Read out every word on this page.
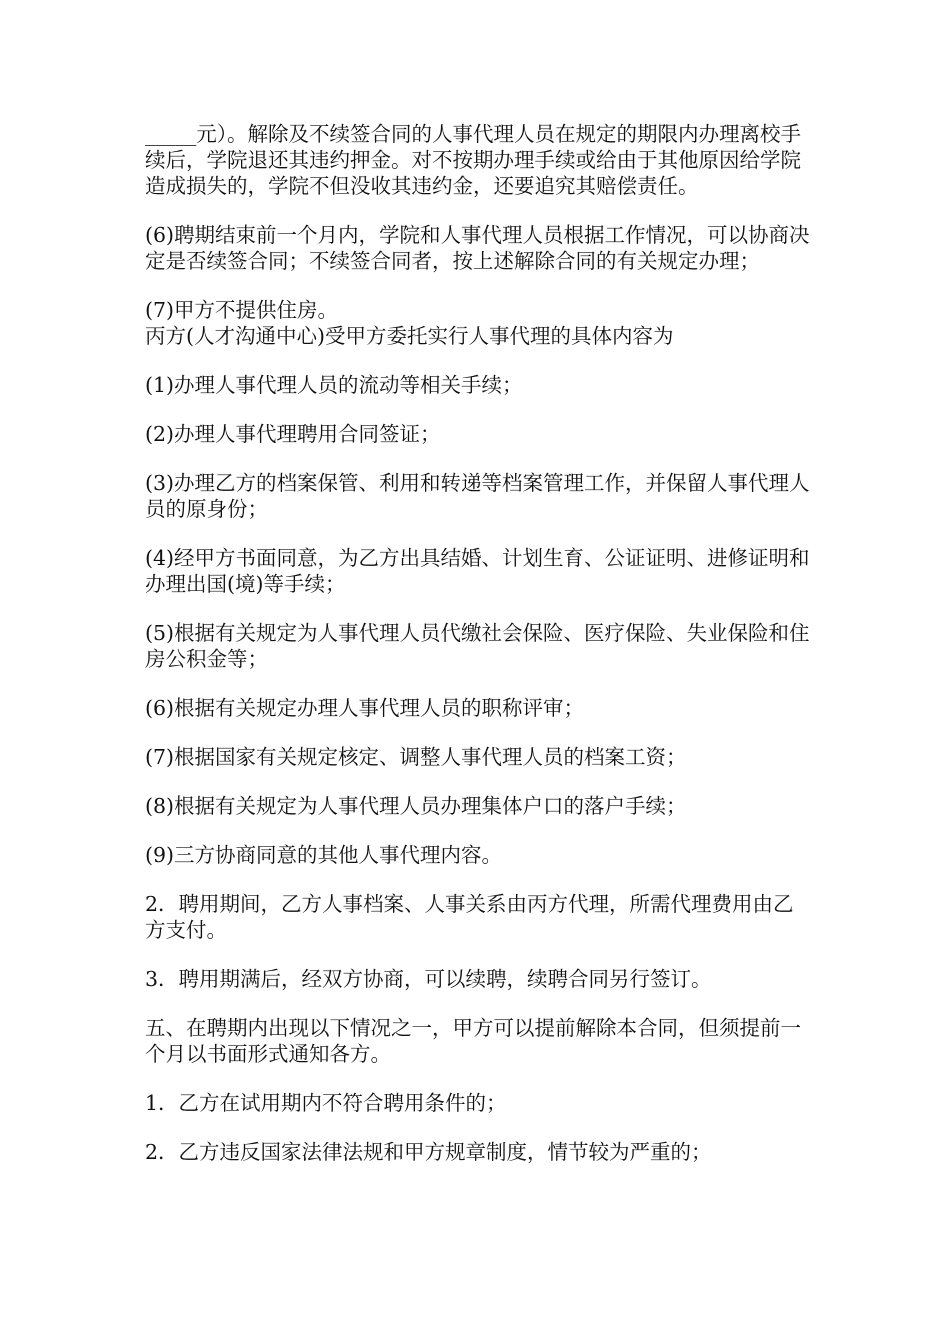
_____元）。解除及不续签合同的人事代理人员在规定的期限内办理离校手续后，学院退还其违约押金。对不按期办理手续或给由于其他原因给学院造成损失的，学院不但没收其违约金，还要追究其赔偿责任。

(6)聘期结束前一个月内，学院和人事代理人员根据工作情况，可以协商决定是否续签合同；不续签合同者，按上述解除合同的有关规定办理；

(7)甲方不提供住房。

丙方(人才沟通中心)受甲方委托实行人事代理的具体内容为

(1)办理人事代理人员的流动等相关手续；

(2)办理人事代理聘用合同签证；

(3)办理乙方的档案保管、利用和转递等档案管理工作，并保留人事代理人员的原身份；

(4)经甲方书面同意，为乙方出具结婚、计划生育、公证证明、进修证明和办理出国(境)等手续；

(5)根据有关规定为人事代理人员代缴社会保险、医疗保险、失业保险和住房公积金等；

(6)根据有关规定办理人事代理人员的职称评审；

(7)根据国家有关规定核定、调整人事代理人员的档案工资；

(8)根据有关规定为人事代理人员办理集体户口的落户手续；

(9)三方协商同意的其他人事代理内容。

2．聘用期间，乙方人事档案、人事关系由丙方代理，所需代理费用由乙方支付。

3．聘用期满后，经双方协商，可以续聘，续聘合同另行签订。

五、在聘期内出现以下情况之一，甲方可以提前解除本合同，但须提前一个月以书面形式通知各方。

1．乙方在试用期内不符合聘用条件的；

2．乙方违反国家法律法规和甲方规章制度，情节较为严重的；
